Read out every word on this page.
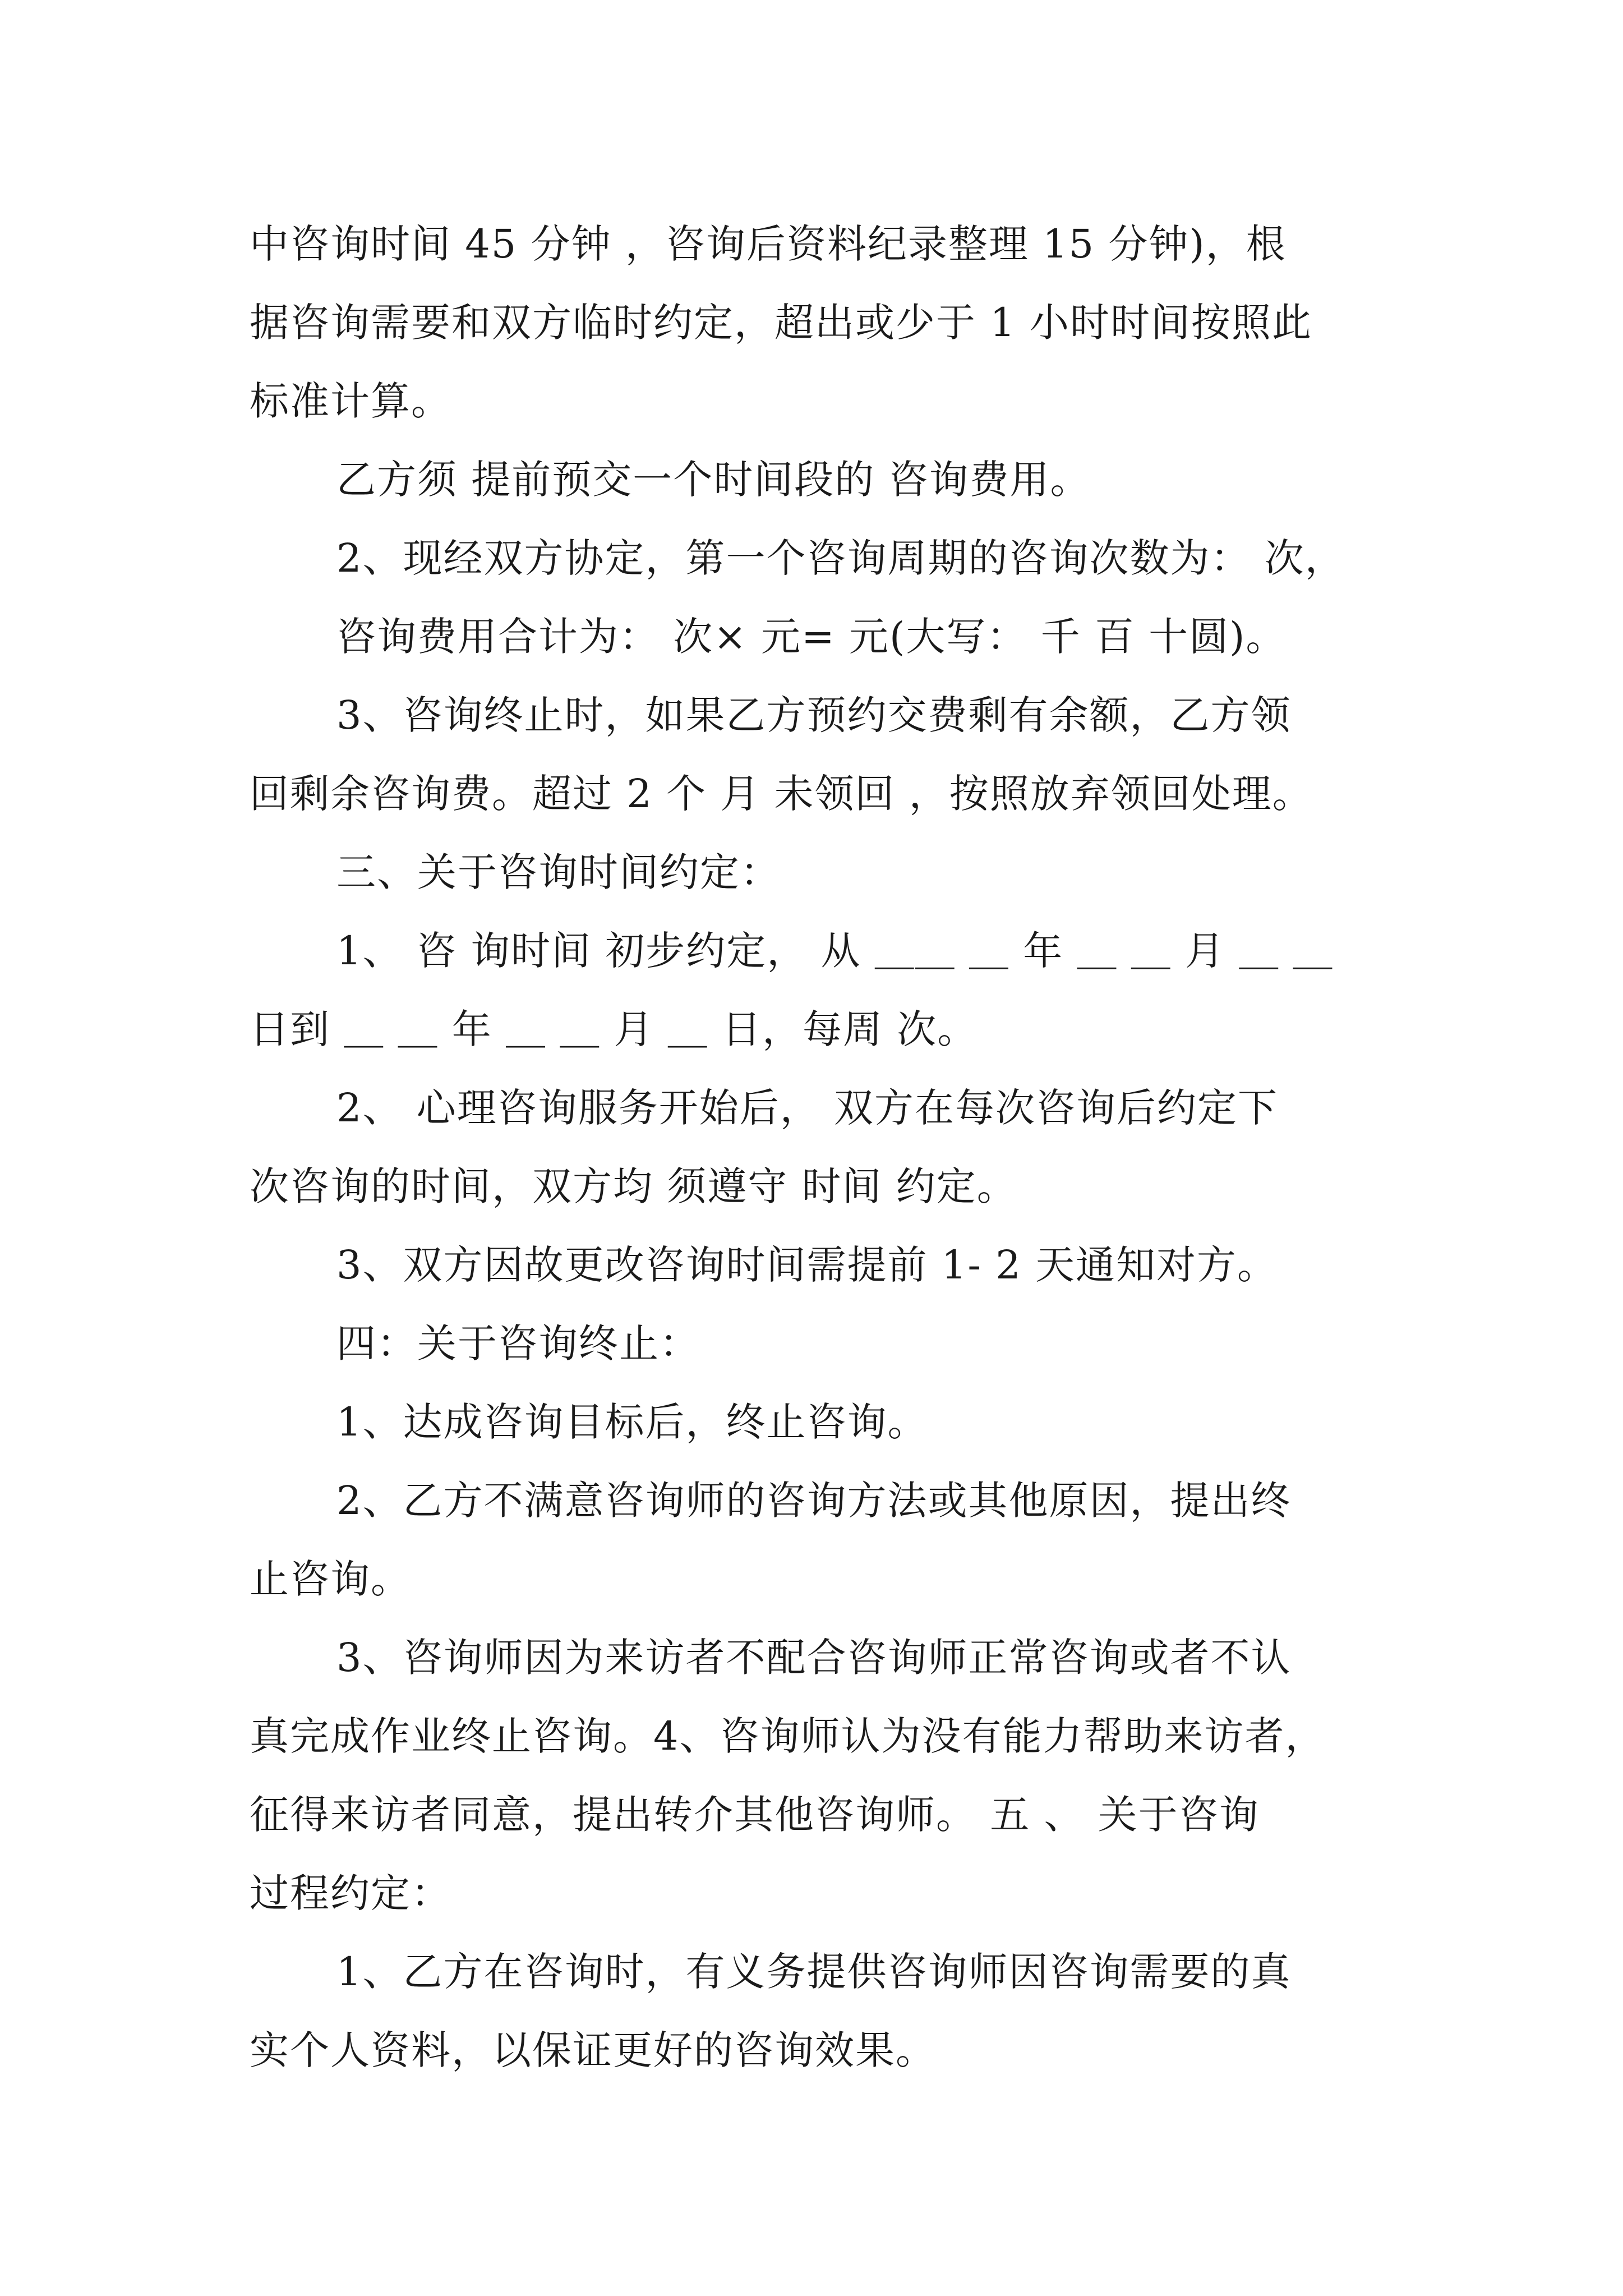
中咨询时间 45 分钟 ，咨询后资料纪录整理 15 分钟)，根
据咨询需要和双方临时约定，超出或少于 1 小时时间按照此
标准计算。
乙方须 提前预交一个时间段的 咨询费用。
2、现经双方协定，第一个咨询周期的咨询次数为： 次，
咨询费用合计为： 次× 元= 元(大写： 千 百 十圆)。
3、咨询终止时，如果乙方预约交费剩有余额，乙方领
回剩余咨询费。超过 2 个 月 未领回 ，按照放弃领回处理。
三、关于咨询时间约定：
1、 咨 询时间 初步约定， 从 ＿＿ ＿ 年 ＿ ＿ 月 ＿ ＿
日到 ＿ ＿ 年 ＿ ＿ 月 ＿ 日，每周 次。
2、 心理咨询服务开始后， 双方在每次咨询后约定下
次咨询的时间，双方均 须遵守 时间 约定。
3、双方因故更改咨询时间需提前 1- 2 天通知对方。
四：关于咨询终止：
1、达成咨询目标后，终止咨询。
2、乙方不满意咨询师的咨询方法或其他原因，提出终
止咨询。
3、咨询师因为来访者不配合咨询师正常咨询或者不认
真完成作业终止咨询。4、咨询师认为没有能力帮助来访者，
征得来访者同意，提出转介其他咨询师。 五 、 关于咨询
过程约定：
1、乙方在咨询时，有义务提供咨询师因咨询需要的真
实个人资料，以保证更好的咨询效果。
